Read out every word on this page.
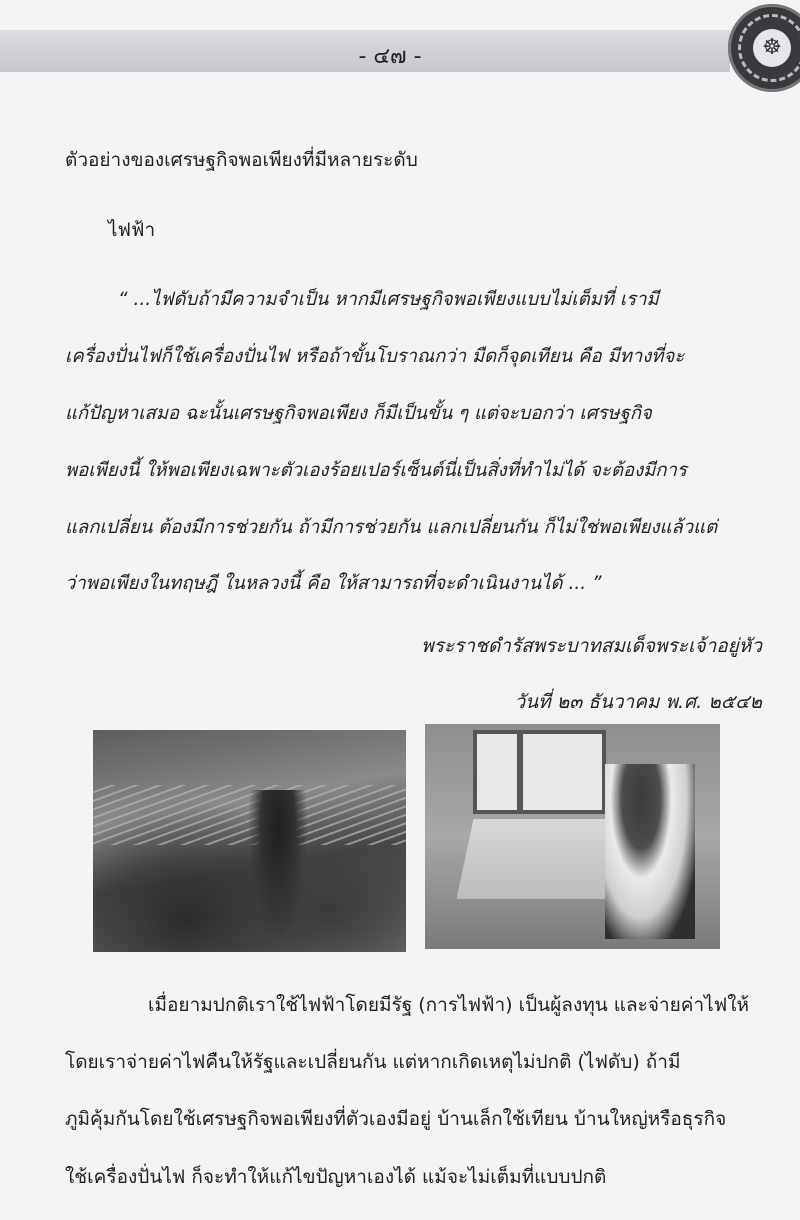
- ๔๗ -	☸
ตัวอย่างของเศรษฐกิจพอเพียงที่มีหลายระดับ
ไฟฟ้า
“ ...ไฟดับถ้ามีความจำเป็น หากมีเศรษฐกิจพอเพียงแบบไม่เต็มที่ เรามี
เครื่องปั่นไฟก็ใช้เครื่องปั่นไฟ หรือถ้าขั้นโบราณกว่า มืดก็จุดเทียน คือ มีทางที่จะ
แก้ปัญหาเสมอ ฉะนั้นเศรษฐกิจพอเพียง ก็มีเป็นขั้น ๆ แต่จะบอกว่า เศรษฐกิจ
พอเพียงนี้ ให้พอเพียงเฉพาะตัวเองร้อยเปอร์เซ็นต์นี่เป็นสิ่งที่ทำไม่ได้ จะต้องมีการ
แลกเปลี่ยน ต้องมีการช่วยกัน ถ้ามีการช่วยกัน แลกเปลี่ยนกัน ก็ไม่ใช่พอเพียงแล้วแต่
ว่าพอเพียงในทฤษฎี ในหลวงนี้ คือ ให้สามารถที่จะดำเนินงานได้ ... ”
พระราชดำรัสพระบาทสมเด็จพระเจ้าอยู่หัว
วันที่ ๒๓ ธันวาคม พ.ศ. ๒๕๔๒
เมื่อยามปกติเราใช้ไฟฟ้าโดยมีรัฐ (การไฟฟ้า) เป็นผู้ลงทุน และจ่ายค่าไฟให้
โดยเราจ่ายค่าไฟคืนให้รัฐและเปลี่ยนกัน แต่หากเกิดเหตุไม่ปกติ (ไฟดับ) ถ้ามี
ภูมิคุ้มกันโดยใช้เศรษฐกิจพอเพียงที่ตัวเองมีอยู่ บ้านเล็กใช้เทียน บ้านใหญ่หรือธุรกิจ
ใช้เครื่องปั่นไฟ ก็จะทำให้แก้ไขปัญหาเองได้ แม้จะไม่เต็มที่แบบปกติ
